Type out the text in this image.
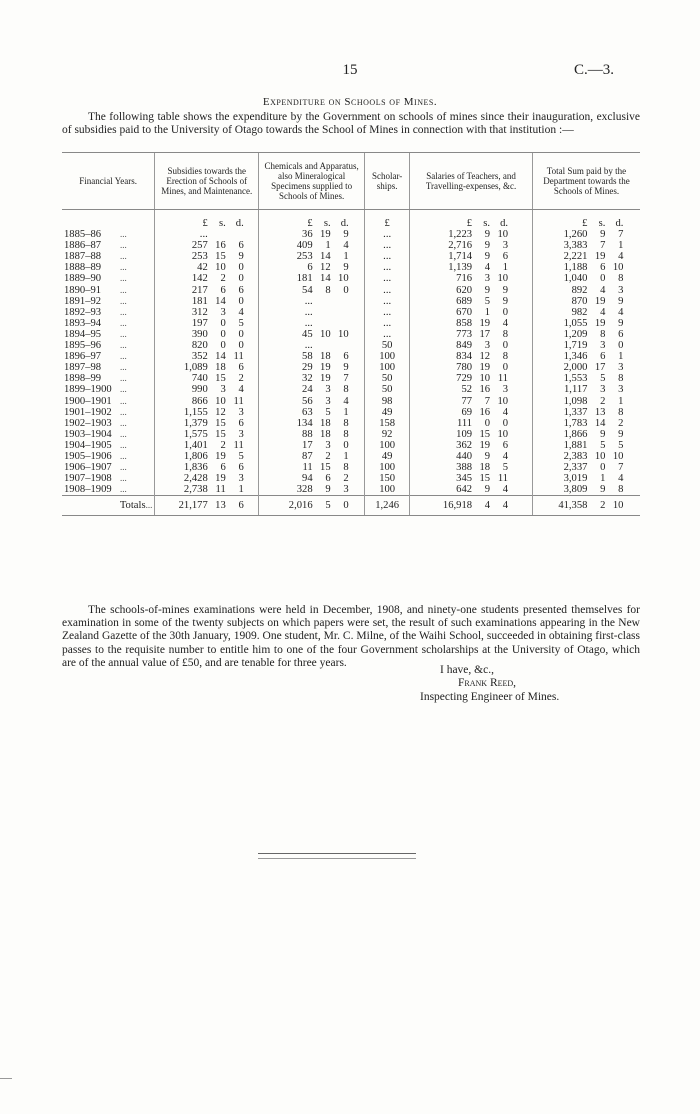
15	C.—3.
Expenditure on Schools of Mines.
The following table shows the expenditure by the Government on schools of mines since their inauguration, exclusive of subsidies paid to the University of Otago towards the School of Mines in connection with that institution :—
Financial Years.	Subsidies towards the Erection of Schools of Mines, and Maintenance.	Chemicals and Apparatus, also Mineralogical Specimens supplied to Schools of Mines.	Scholar-ships.	Salaries of Teachers, and Travelling-expenses, &c.	Total Sum paid by the Department towards the Schools of Mines.
	£ s. d.	£ s. d.	£	£ s. d.	£ s. d.
1885–86 ...	...	36 19 9	...	1,223 9 10	1,260 9 7
1886–87 ...	257 16 6	409 1 4	...	2,716 9 3	3,383 7 1
1887–88 ...	253 15 9	253 14 1	...	1,714 9 6	2,221 19 4
1888–89 ...	42 10 0	6 12 9	...	1,139 4 1	1,188 6 10
1889–90 ...	142 2 0	181 14 10	...	716 3 10	1,040 0 8
1890–91 ...	217 6 6	54 8 0	...	620 9 9	892 4 3
1891–92 ...	181 14 0	...	...	689 5 9	870 19 9
1892–93 ...	312 3 4	...	...	670 1 0	982 4 4
1893–94 ...	197 0 5	...	...	858 19 4	1,055 19 9
1894–95 ...	390 0 0	45 10 10	...	773 17 8	1,209 8 6
1895–96 ...	820 0 0	...	50	849 3 0	1,719 3 0
1896–97 ...	352 14 11	58 18 6	100	834 12 8	1,346 6 1
1897–98 ...	1,089 18 6	29 19 9	100	780 19 0	2,000 17 3
1898–99 ...	740 15 2	32 19 7	50	729 10 11	1,553 5 8
1899–1900 ...	990 3 4	24 3 8	50	52 16 3	1,117 3 3
1900–1901 ...	866 10 11	56 3 4	98	77 7 10	1,098 2 1
1901–1902 ...	1,155 12 3	63 5 1	49	69 16 4	1,337 13 8
1902–1903 ...	1,379 15 6	134 18 8	158	111 0 0	1,783 14 2
1903–1904 ...	1,575 15 3	88 18 8	92	109 15 10	1,866 9 9
1904–1905 ...	1,401 2 11	17 3 0	100	362 19 6	1,881 5 5
1905–1906 ...	1,806 19 5	87 2 1	49	440 9 4	2,383 10 10
1906–1907 ...	1,836 6 6	11 15 8	100	388 18 5	2,337 0 7
1907–1908 ...	2,428 19 3	94 6 2	150	345 15 11	3,019 1 4
1908–1909 ...	2,738 11 1	328 9 3	100	642 9 4	3,809 9 8
Totals...	21,177 13 6	2,016 5 0	1,246	16,918 4 4	41,358 2 10
The schools-of-mines examinations were held in December, 1908, and ninety-one students presented themselves for examination in some of the twenty subjects on which papers were set, the result of such examinations appearing in the New Zealand Gazette of the 30th January, 1909. One student, Mr. C. Milne, of the Waihi School, succeeded in obtaining first-class passes to the requisite number to entitle him to one of the four Government scholarships at the University of Otago, which are of the annual value of £50, and are tenable for three years.
I have, &c.,
Frank Reed,
Inspecting Engineer of Mines.
